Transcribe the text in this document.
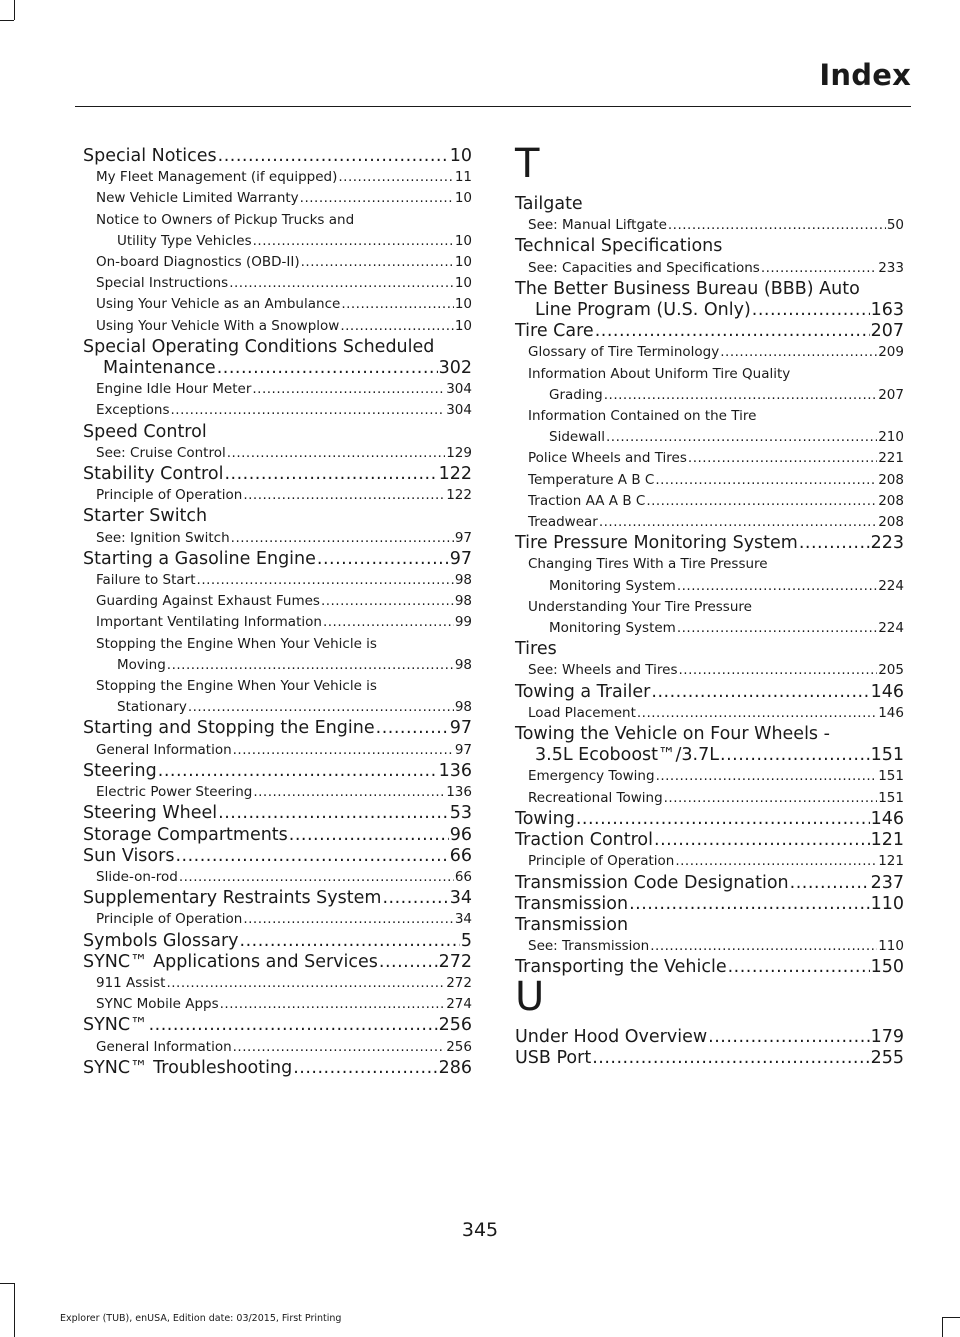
Index
Special Notices .....	10
My Fleet Management (if equipped) .....	11
New Vehicle Limited Warranty .....	10
Notice to Owners of Pickup Trucks and
Utility Type Vehicles .....	10
On-board Diagnostics (OBD-II) .....	10
Special Instructions .....	10
Using Your Vehicle as an Ambulance .....	10
Using Your Vehicle With a Snowplow .....	10
Special Operating Conditions Scheduled
Maintenance .....	302
Engine Idle Hour Meter .....	304
Exceptions .....	304
Speed Control
See: Cruise Control .....	129
Stability Control .....	122
Principle of Operation .....	122
Starter Switch
See: Ignition Switch .....	97
Starting a Gasoline Engine .....	97
Failure to Start .....	98
Guarding Against Exhaust Fumes .....	98
Important Ventilating Information .....	99
Stopping the Engine When Your Vehicle is
Moving .....	98
Stopping the Engine When Your Vehicle is
Stationary .....	98
Starting and Stopping the Engine .....	97
General Information .....	97
Steering .....	136
Electric Power Steering .....	136
Steering Wheel .....	53
Storage Compartments .....	96
Sun Visors .....	66
Slide-on-rod .....	66
Supplementary Restraints System .....	34
Principle of Operation .....	34
Symbols Glossary .....	5
SYNC™ Applications and Services .....	272
911 Assist .....	272
SYNC Mobile Apps .....	274
SYNC™ .....	256
General Information .....	256
SYNC™ Troubleshooting .....	286
T
Tailgate
See: Manual Liftgate .....	50
Technical Specifications
See: Capacities and Specifications .....	233
The Better Business Bureau (BBB) Auto
Line Program (U.S. Only) .....	163
Tire Care .....	207
Glossary of Tire Terminology .....	209
Information About Uniform Tire Quality
Grading .....	207
Information Contained on the Tire
Sidewall .....	210
Police Wheels and Tires .....	221
Temperature A B C .....	208
Traction AA A B C .....	208
Treadwear .....	208
Tire Pressure Monitoring System .....	223
Changing Tires With a Tire Pressure
Monitoring System .....	224
Understanding Your Tire Pressure
Monitoring System .....	224
Tires
See: Wheels and Tires .....	205
Towing a Trailer .....	146
Load Placement .....	146
Towing the Vehicle on Four Wheels -
3.5L Ecoboost™/3.7L .....	151
Emergency Towing .....	151
Recreational Towing .....	151
Towing .....	146
Traction Control .....	121
Principle of Operation .....	121
Transmission Code Designation .....	237
Transmission .....	110
Transmission
See: Transmission .....	110
Transporting the Vehicle .....	150
U
Under Hood Overview .....	179
USB Port .....	255
345
Explorer (TUB), enUSA, Edition date: 03/2015, First Printing
